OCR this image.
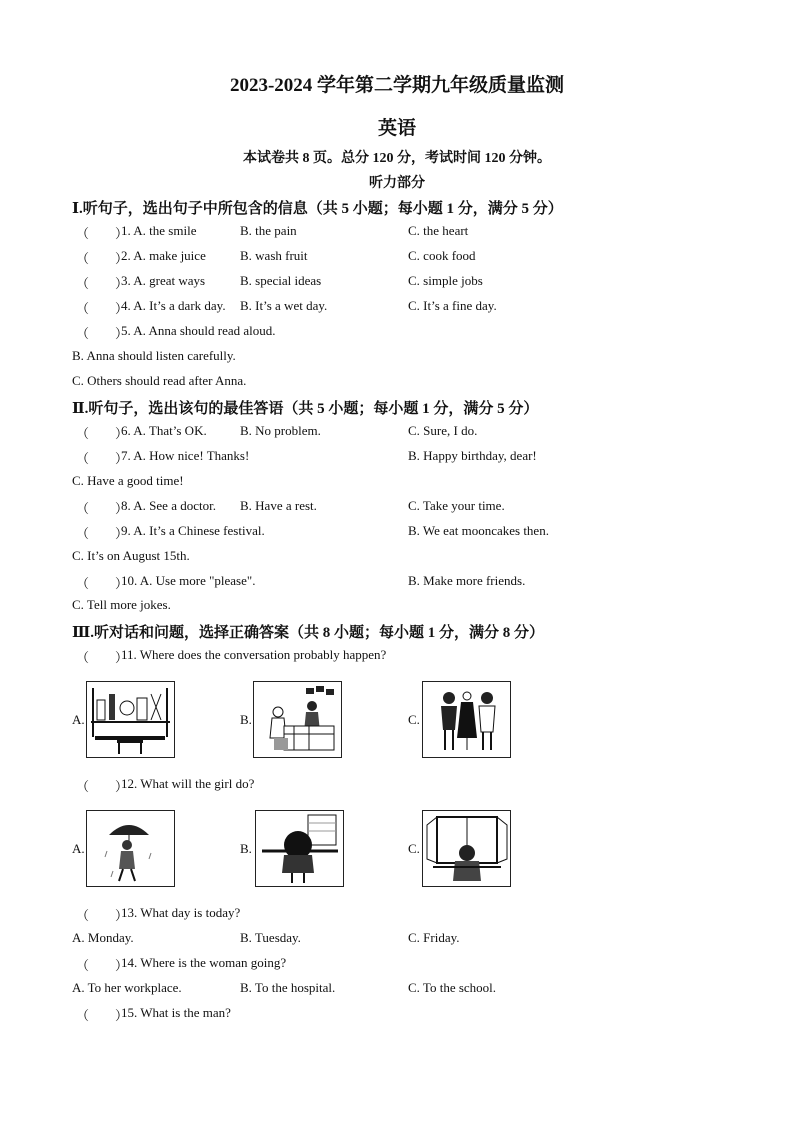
2023-2024 学年第二学期九年级质量监测
英语
本试卷共 8 页。总分 120 分，考试时间 120 分钟。
听力部分
Ⅰ.听句子，选出句子中所包含的信息（共 5 小题；每小题 1 分，满分 5 分）
（　　）
1. A. the smile	B. the pain	C. the heart
（　　）
2. A. make juice	B. wash fruit	C. cook food
（　　）
3. A. great ways	B. special ideas	C. simple jobs
（　　）
4. A. It’s a dark day. B. It’s a wet day.	C. It’s a fine day.
（　　）
5. A. Anna should read aloud.
B. Anna should listen carefully.
C. Others should read after Anna.
Ⅱ.听句子，选出该句的最佳答语（共 5 小题；每小题 1 分，满分 5 分）
（　　）
6. A. That’s OK.	B. No problem.	C. Sure, I do.
（　　）
7. A. How nice! Thanks!	B. Happy birthday, dear!
C. Have a good time!
（　　）
8. A. See a doctor. B. Have a rest.	C. Take your time.
（　　）
9. A. It’s a Chinese festival.	B. We eat mooncakes then.
C. It’s on August 15th.
（　　）
10. A. Use more "please".	B. Make more friends.
C. Tell more jokes.
Ⅲ.听对话和问题，选择正确答案（共 8 小题；每小题 1 分，满分 8 分）
（　　）
11. Where does the conversation probably happen?
A.	B.	C.
（　　）
12. What will the girl do?
A.	B.	C.
（　　）
13. What day is today?
A. Monday.	B. Tuesday.	C. Friday.
（　　）
14. Where is the woman going?
A. To her workplace.	B. To the hospital.	C. To the school.
（　　）
15. What is the man?
